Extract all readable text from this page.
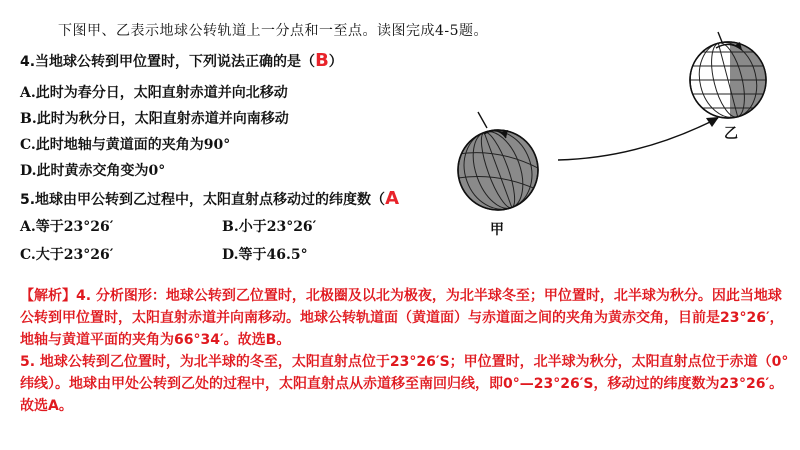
下图甲、乙表示地球公转轨道上一分点和一至点。读图完成4-5题。
4.当地球公转到甲位置时，下列说法正确的是（B）
A.此时为春分日，太阳直射赤道并向北移动
B.此时为秋分日，太阳直射赤道并向南移动
C.此时地轴与黄道面的夹角为90°
D.此时黄赤交角变为0°
5.地球由甲公转到乙过程中，太阳直射点移动过的纬度数（A
A.等于23°26′	B.小于23°26′
C.大于23°26′	D.等于46.5°
甲
乙

【解析】4. 分析图形：地球公转到乙位置时，北极圈及以北为极夜，为北半球冬至；甲位置时，北半球为秋分。因此当地球公转到甲位置时，太阳直射赤道并向南移动。地球公转轨道面（黄道面）与赤道面之间的夹角为黄赤交角，目前是23°26′，地轴与黄道平面的夹角为66°34′。故选B。

5. 地球公转到乙位置时，为北半球的冬至，太阳直射点位于23°26′S；甲位置时，北半球为秋分，太阳直射点位于赤道（0°纬线）。地球由甲处公转到乙处的过程中，太阳直射点从赤道移至南回归线，即0°—23°26′S，移动过的纬度数为23°26′。故选A。
